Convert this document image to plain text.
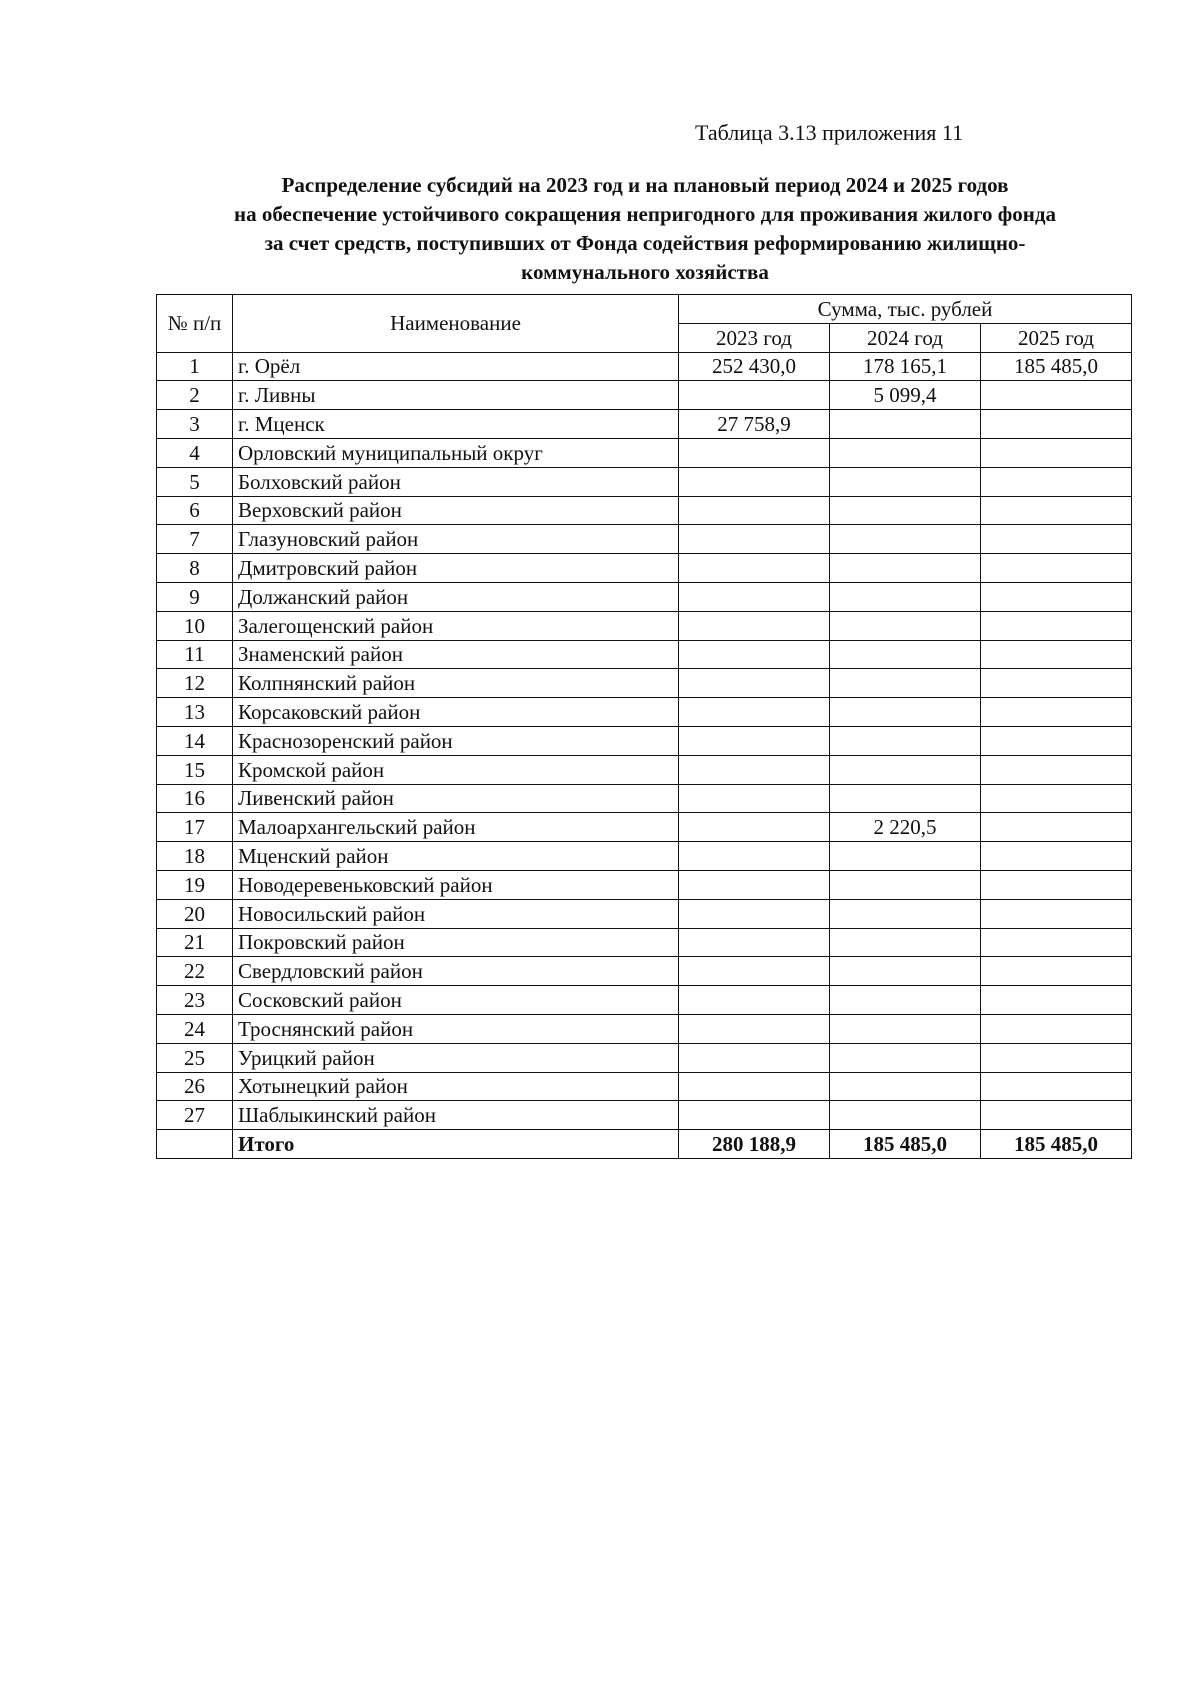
Таблица 3.13 приложения 11
Распределение субсидий на 2023 год и на плановый период 2024 и 2025 годов
на обеспечение устойчивого сокращения непригодного для проживания жилого фонда
за счет средств, поступивших от Фонда содействия реформированию жилищно-
коммунального хозяйства
№ п/п	Наименование	Сумма, тыс. рублей		
		2023 год	2024 год	2025 год
1	г. Орёл	252 430,0	178 165,1	185 485,0
2	г. Ливны		5 099,4	
3	г. Мценск	27 758,9		
4	Орловский муниципальный округ			
5	Болховский район			
6	Верховский район			
7	Глазуновский район			
8	Дмитровский район			
9	Должанский район			
10	Залегощенский район			
11	Знаменский район			
12	Колпнянский район			
13	Корсаковский район			
14	Краснозоренский район			
15	Кромской район			
16	Ливенский район			
17	Малоархангельский район		2 220,5	
18	Мценский район			
19	Новодеревеньковский район			
20	Новосильский район			
21	Покровский район			
22	Свердловский район			
23	Сосковский район			
24	Троснянский район			
25	Урицкий район			
26	Хотынецкий район			
27	Шаблыкинский район			
	Итого	280 188,9	185 485,0	185 485,0
